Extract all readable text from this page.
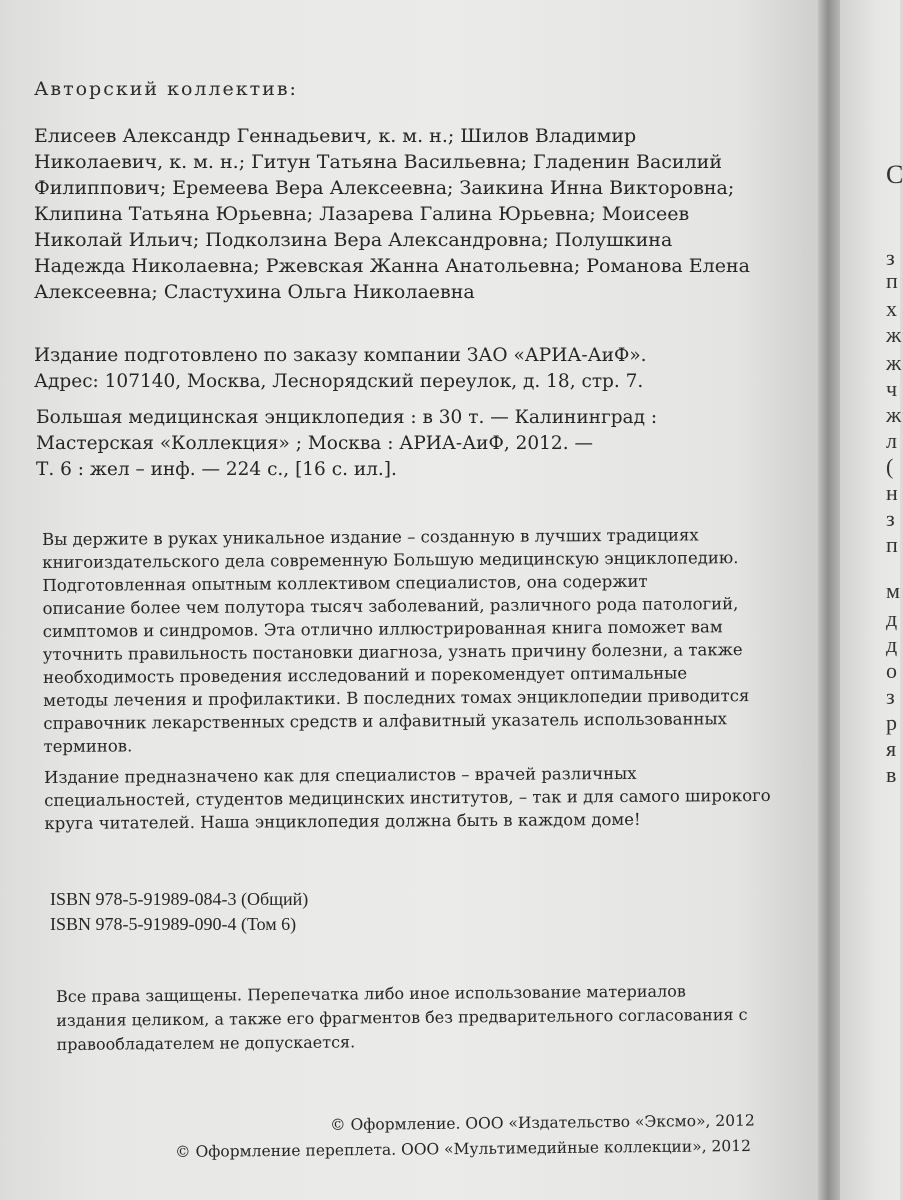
Авторский коллектив:
Елисеев Александр Геннадьевич, к. м. н.; Шилов Владимир
Николаевич, к. м. н.; Гитун Татьяна Васильевна; Гладенин Василий
Филиппович; Еремеева Вера Алексеевна; Заикина Инна Викторовна;
Клипина Татьяна Юрьевна; Лазарева Галина Юрьевна; Моисеев
Николай Ильич; Подколзина Вера Александровна; Полушкина
Надежда Николаевна; Ржевская Жанна Анатольевна; Романова Елена
Алексеевна; Сластухина Ольга Николаевна
Издание подготовлено по заказу компании ЗАО «АРИА-АиФ».
Адрес: 107140, Москва, Леснорядский переулок, д. 18, стр. 7.
Большая медицинская энциклопедия : в 30 т. — Калининград :
Мастерская «Коллекция» ; Москва : АРИА-АиФ, 2012. —
Т. 6 : жел – инф. — 224 с., [16 с. ил.].
Вы держите в руках уникальное издание – созданную в лучших традициях
книгоиздательского дела современную Большую медицинскую энциклопедию.
Подготовленная опытным коллективом специалистов, она содержит
описание более чем полутора тысяч заболеваний, различного рода патологий,
симптомов и синдромов. Эта отлично иллюстрированная книга поможет вам
уточнить правильность постановки диагноза, узнать причину болезни, а также
необходимость проведения исследований и порекомендует оптимальные
методы лечения и профилактики. В последних томах энциклопедии приводится
справочник лекарственных средств и алфавитный указатель использованных
терминов.
Издание предназначено как для специалистов – врачей различных
специальностей, студентов медицинских институтов, – так и для самого широкого
круга читателей. Наша энциклопедия должна быть в каждом доме!
ISBN 978-5-91989-084-3 (Общий)
ISBN 978-5-91989-090-4 (Том 6)
Все права защищены. Перепечатка либо иное использование материалов
издания целиком, а также его фрагментов без предварительного согласования с
правообладателем не допускается.
© Оформление. ООО «Издательство «Эксмо», 2012
© Оформление переплета. ООО «Мультимедийные коллекции», 2012
С
з
п
х
ж
ж
ч
ж
л
(
н
з
п
м
д
д
о
з
р
я
в
